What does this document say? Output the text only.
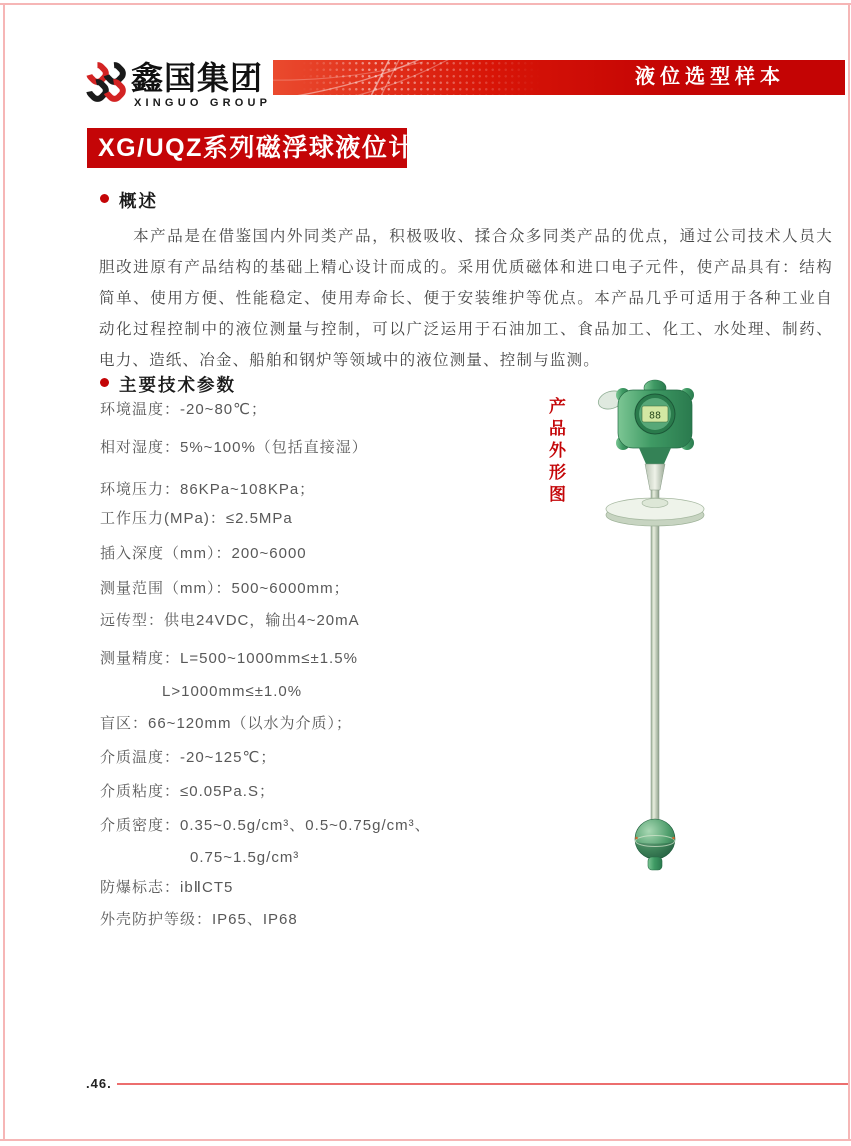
鑫国集团
XINGUO GROUP
液位选型样本
XG/UQZ系列磁浮球液位计
概述

本产品是在借鉴国内外同类产品，积极吸收、揉合众多同类产品的优点，通过公司技术人员大胆改进原有产品结构的基础上精心设计而成的。采用优质磁体和进口电子元件，使产品具有：结构简单、使用方便、性能稳定、使用寿命长、便于安装维护等优点。本产品几乎可适用于各种工业自动化过程控制中的液位测量与控制，可以广泛运用于石油加工、食品加工、化工、水处理、制药、电力、造纸、冶金、船舶和钢炉等领域中的液位测量、控制与监测。

主要技术参数
环境温度：-20~80℃；
相对湿度：5%~100%（包括直接湿）
环境压力：86KPa~108KPa；
工作压力(MPa)：≤2.5MPa
插入深度（mm）：200~6000
测量范围（mm）：500~6000mm；
远传型：供电24VDC，输出4~20mA
测量精度：L=500~1000mm≤±1.5%
L>1000mm≤±1.0%
盲区：66~120mm（以水为介质）；
介质温度：-20~125℃；
介质粘度：≤0.05Pa.S；
介质密度：0.35~0.5g/cm³、0.5~0.75g/cm³、
0.75~1.5g/cm³
防爆标志：ibⅡCT5
外壳防护等级：IP65、IP68
产品外形图	88
.46.
